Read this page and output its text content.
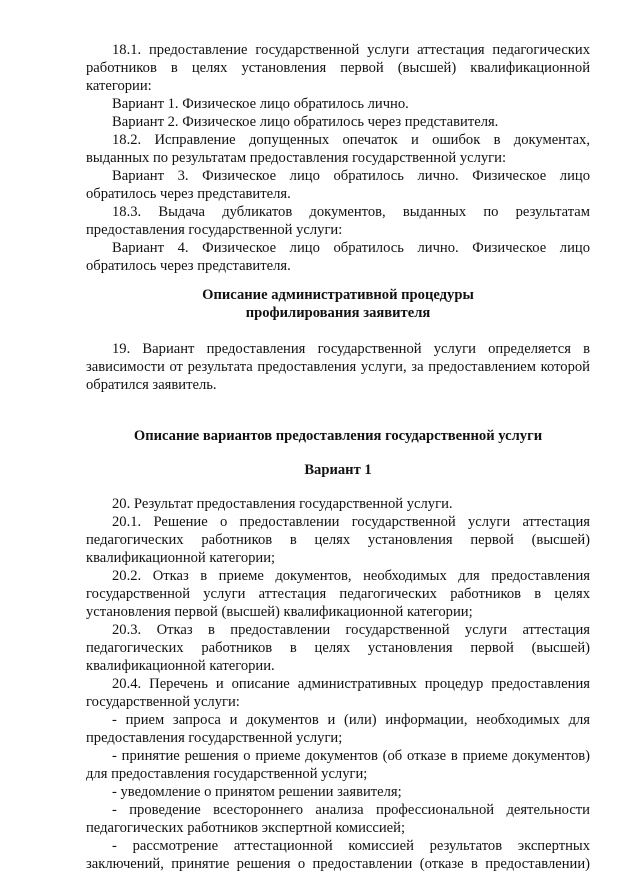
18.1. предоставление государственной услуги аттестация педагогических
работников в целях установления первой (высшей) квалификационной
категории:
Вариант 1. Физическое лицо обратилось лично.
Вариант 2. Физическое лицо обратилось через представителя.
18.2. Исправление допущенных опечаток и ошибок в документах,
выданных по результатам предоставления государственной услуги:
Вариант 3. Физическое лицо обратилось лично. Физическое лицо
обратилось через представителя.
18.3. Выдача дубликатов документов, выданных по результатам
предоставления государственной услуги:
Вариант 4. Физическое лицо обратилось лично. Физическое лицо
обратилось через представителя.
Описание административной процедуры
профилирования заявителя
19. Вариант предоставления государственной услуги определяется в
зависимости от результата предоставления услуги, за предоставлением которой
обратился заявитель.
Описание вариантов предоставления государственной услуги
Вариант 1
20. Результат предоставления государственной услуги.
20.1. Решение о предоставлении государственной услуги аттестация
педагогических работников в целях установления первой (высшей)
квалификационной категории;
20.2. Отказ в приеме документов, необходимых для предоставления
государственной услуги аттестация педагогических работников в целях
установления первой (высшей) квалификационной категории;
20.3. Отказ в предоставлении государственной услуги аттестация
педагогических работников в целях установления первой (высшей)
квалификационной категории.
20.4. Перечень и описание административных процедур предоставления
государственной услуги:
- прием запроса и документов и (или) информации, необходимых для
предоставления государственной услуги;
- принятие решения о приеме документов (об отказе в приеме документов)
для предоставления государственной услуги;
- уведомление о принятом решении заявителя;
- проведение всестороннего анализа профессиональной деятельности
педагогических работников экспертной комиссией;
- рассмотрение аттестационной комиссией результатов экспертных
заключений, принятие решения о предоставлении (отказе в предоставлении)
